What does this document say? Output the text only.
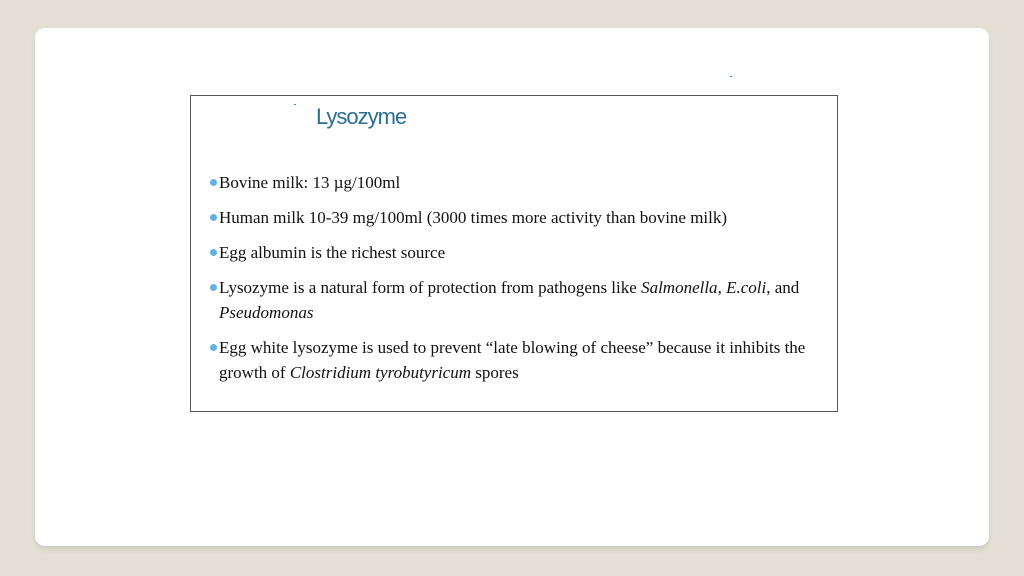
Lysozyme
Bovine milk: 13 µg/100ml
Human milk 10-39 mg/100ml (3000 times more activity than bovine milk)
Egg albumin is the richest source
Lysozyme is a natural form of protection from pathogens like Salmonella, E.coli, and Pseudomonas
Egg white lysozyme is used to prevent “late blowing of cheese” because it inhibits the growth of Clostridium tyrobutyricum spores
